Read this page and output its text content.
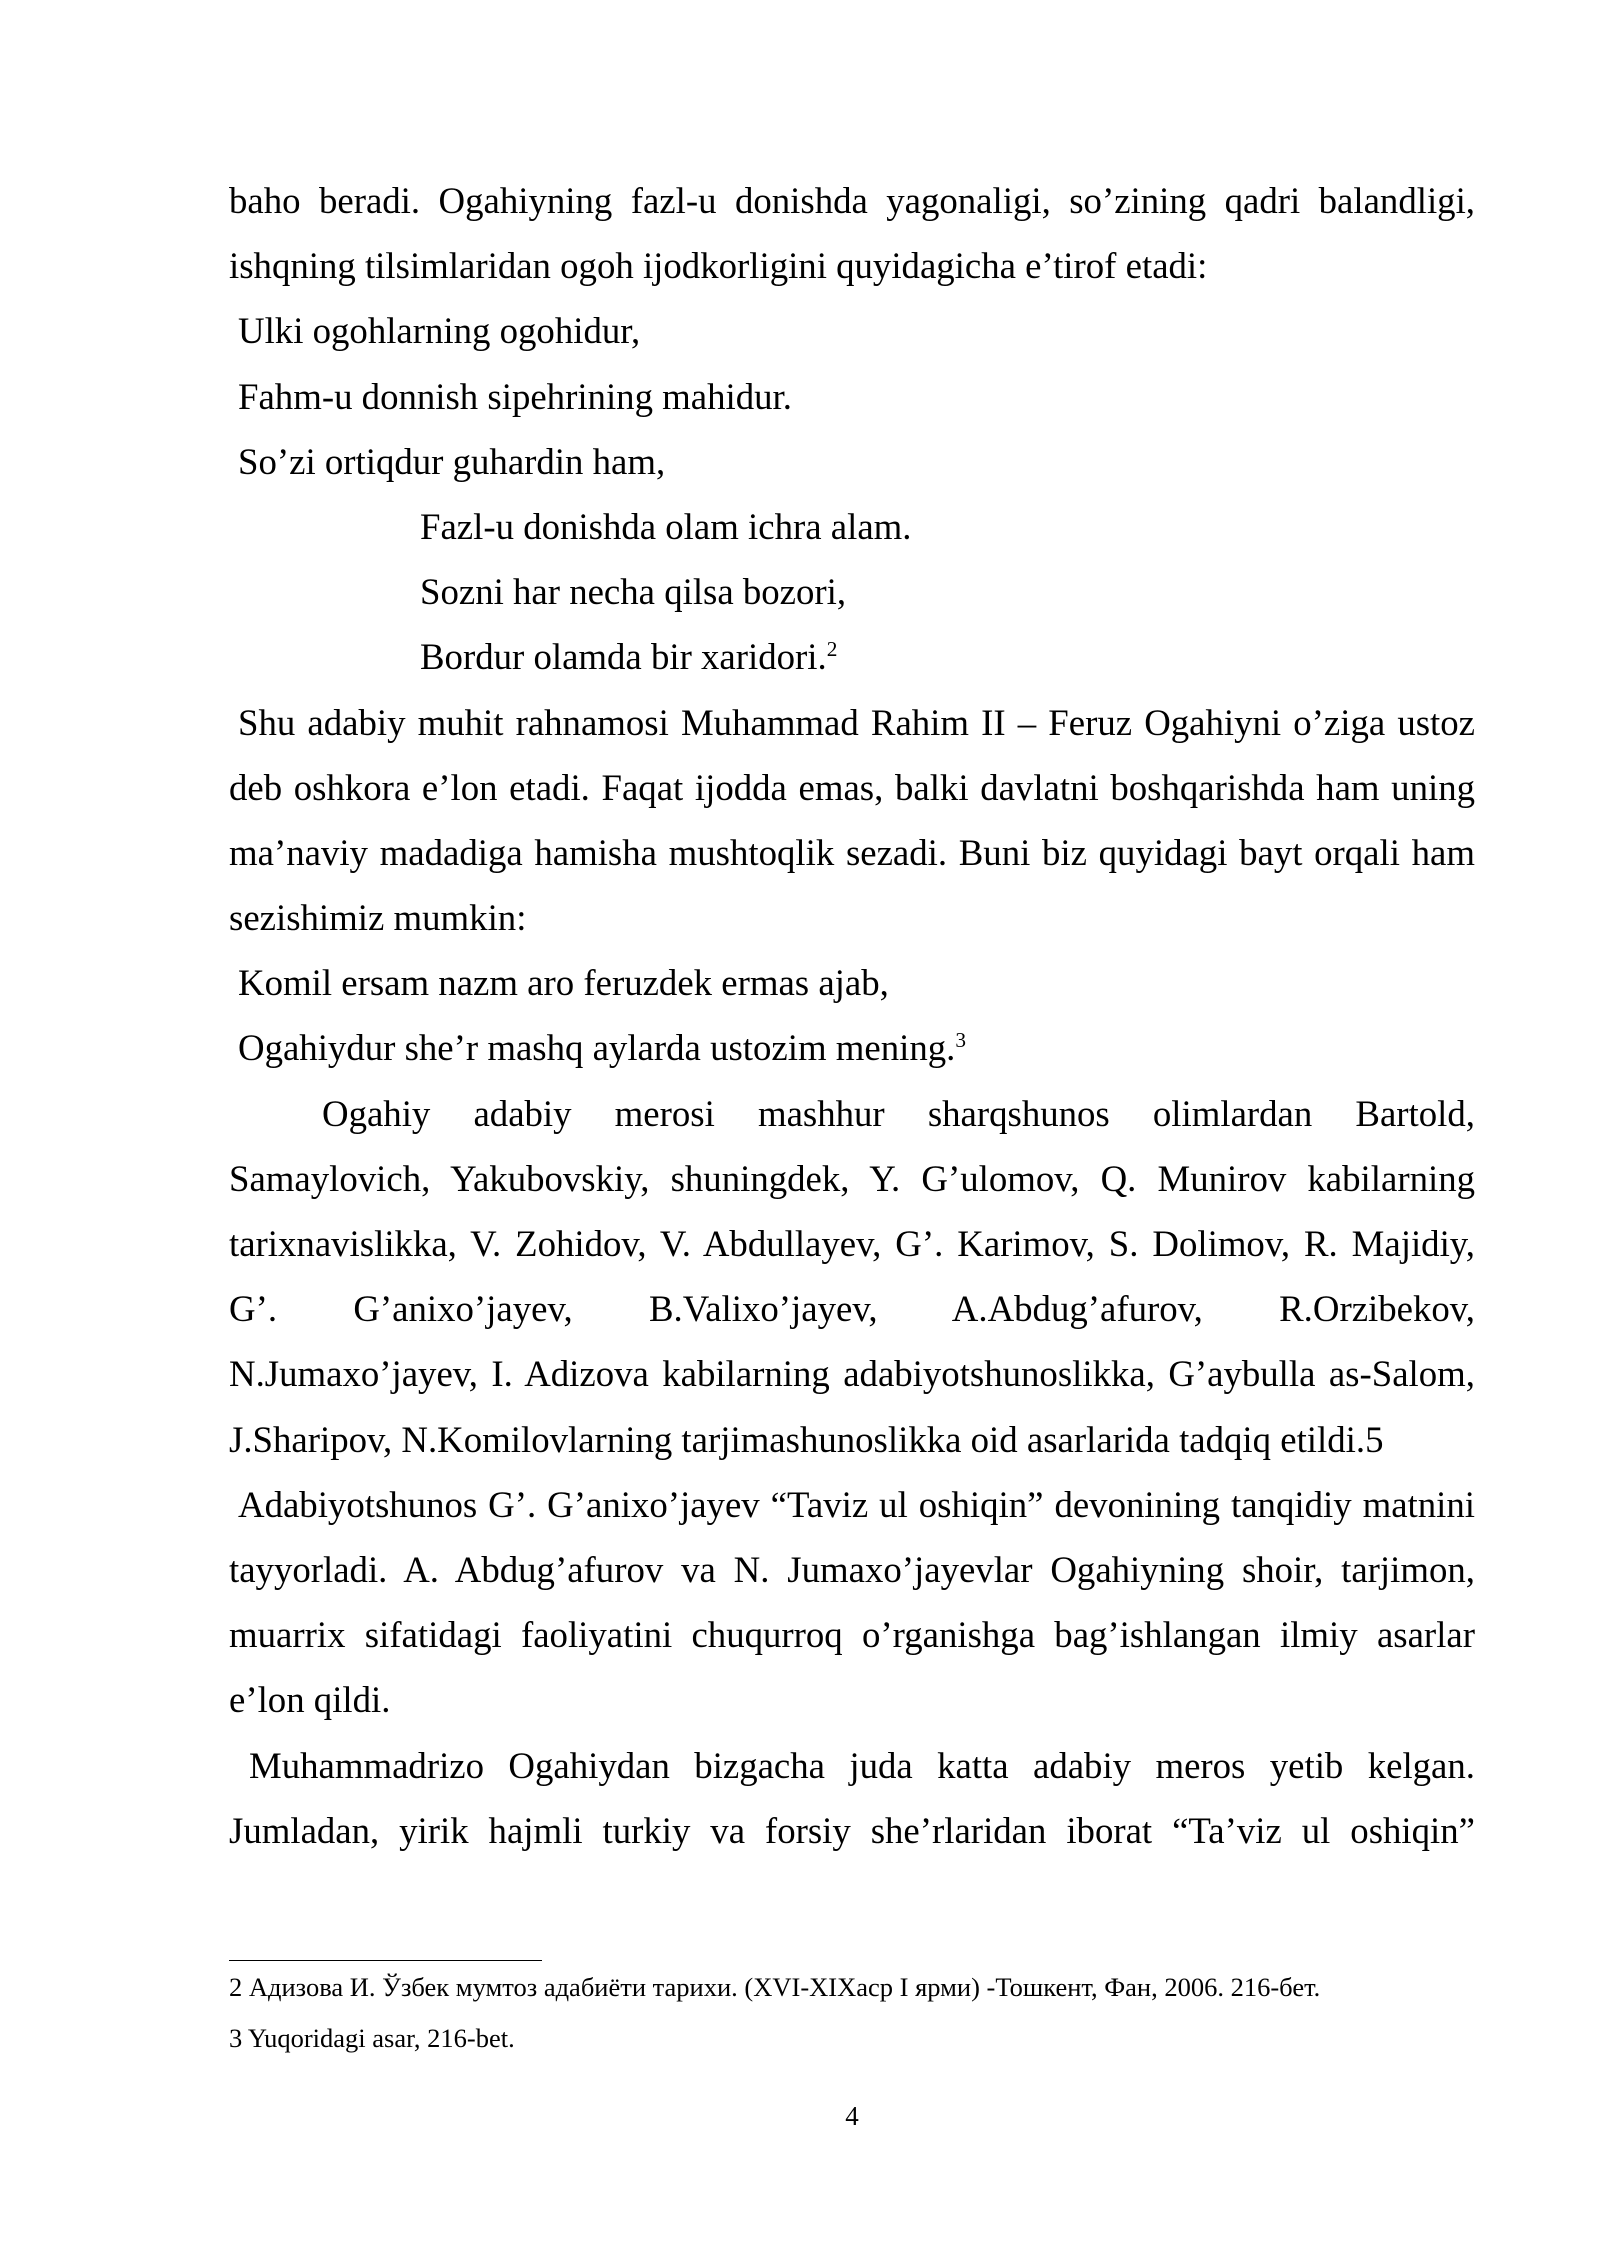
baho beradi. Ogahiyning fazl-u donishda yagonaligi, so’zining qadri balandligi,
ishqning tilsimlaridan ogoh ijodkorligini quyidagicha e’tirof etadi:
Ulki ogohlarning ogohidur,
Fahm-u donnish sipehrining mahidur.
So’zi ortiqdur guhardin ham,
Fazl-u donishda olam ichra alam.
Sozni har necha qilsa bozori,
Bordur olamda bir xaridori.$^2$
Shu adabiy muhit rahnamosi Muhammad Rahim II – Feruz Ogahiyni o’ziga ustoz
deb oshkora e’lon etadi. Faqat ijodda emas, balki davlatni boshqarishda ham uning
ma’naviy madadiga hamisha mushtoqlik sezadi. Buni biz quyidagi bayt orqali ham
sezishimiz mumkin:
Komil ersam nazm aro feruzdek ermas ajab,
Ogahiydur she’r mashq aylarda ustozim mening.$^3$
Ogahiy adabiy merosi mashhur sharqshunos olimlardan Bartold,
Samaylovich, Yakubovskiy, shuningdek, Y. G’ulomov, Q. Munirov kabilarning
tarixnavislikka, V. Zohidov, V. Abdullayev, G’. Karimov, S. Dolimov, R. Majidiy,
G’. G’anixo’jayev, B.Valixo’jayev, A.Abdug’afurov, R.Orzibekov,
N.Jumaxo’jayev, I. Adizova kabilarning adabiyotshunoslikka, G’aybulla as-Salom,
J.Sharipov, N.Komilovlarning tarjimashunoslikka oid asarlarida tadqiq etildi.5
Adabiyotshunos G’. G’anixo’jayev “Taviz ul oshiqin” devonining tanqidiy matnini
tayyorladi. A. Abdug’afurov va N. Jumaxo’jayevlar Ogahiyning shoir, tarjimon,
muarrix sifatidagi faoliyatini chuqurroq o’rganishga bag’ishlangan ilmiy asarlar
e’lon qildi.
Muhammadrizo Ogahiydan bizgacha juda katta adabiy meros yetib kelgan.
Jumladan, yirik hajmli turkiy va forsiy she’rlaridan iborat “Ta’viz ul oshiqin”
2 Адизова И. Ўзбек мумтоз адабиёти тарихи. (XVI-XIXаср I ярми) -Тошкент, Фан, 2006. 216-бет.
3 Yuqoridagi asar, 216-bet.
4
